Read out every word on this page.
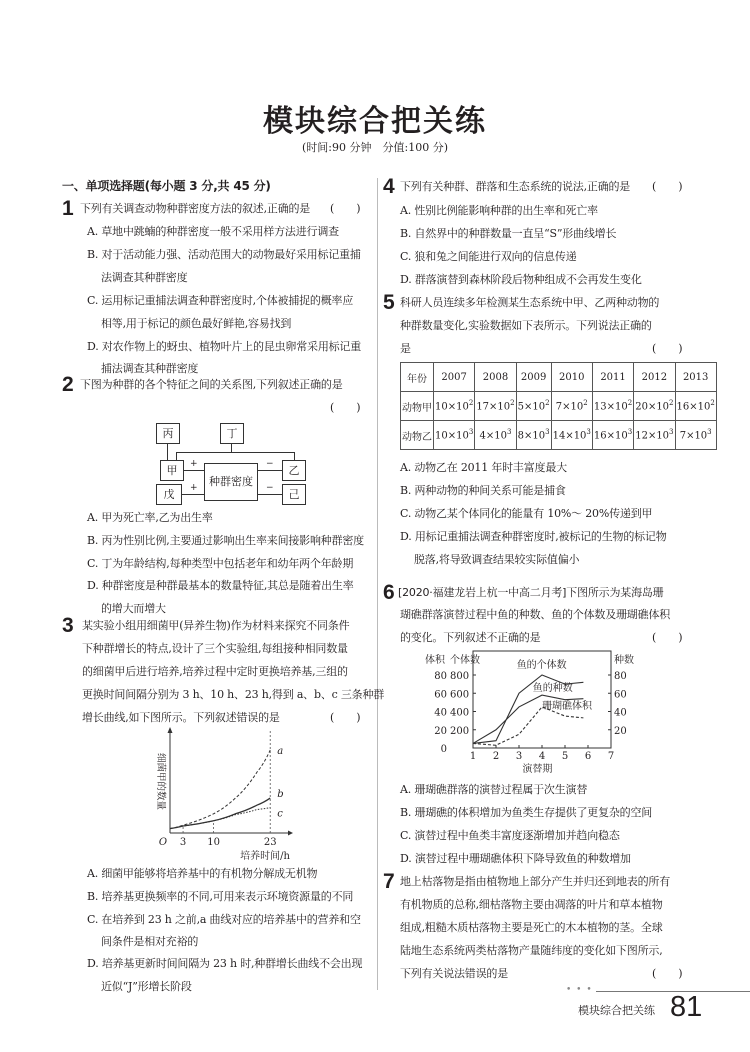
模块综合把关练
(时间:90 分钟　分值:100 分)
一、单项选择题(每小题 3 分,共 45 分)
1 下列有关调查动物种群密度方法的叙述,正确的是 (　　)
A. 草地中跳蝻的种群密度一般不采用样方法进行调查
B. 对于活动能力强、活动范围大的动物最好采用标记重捕
法调查其种群密度
C. 运用标记重捕法调查种群密度时,个体被捕捉的概率应
相等,用于标记的颜色最好鲜艳,容易找到
D. 对农作物上的蚜虫、植物叶片上的昆虫卵常采用标记重
捕法调查其种群密度
2 下图为种群的各个特征之间的关系图,下列叙述正确的是
(　　)
丙	丁
甲
戊
种群密度
乙
己
+
+
−
−
A. 甲为死亡率,乙为出生率
B. 丙为性别比例,主要通过影响出生率来间接影响种群密度
C. 丁为年龄结构,每种类型中包括老年和幼年两个年龄期
D. 种群密度是种群最基本的数量特征,其总是随着出生率
的增大而增大
3 某实验小组用细菌甲(异养生物)作为材料来探究不同条件
下种群增长的特点,设计了三个实验组,每组接种相同数量
的细菌甲后进行培养,培养过程中定时更换培养基,三组的
更换时间间隔分别为 3 h、10 h、23 h,得到 a、b、c 三条种群
增长曲线,如下图所示。下列叙述错误的是	(　　)
3 10	23
O
培养时间/h
细菌甲的数量
a
b
c
A. 细菌甲能够将培养基中的有机物分解成无机物
B. 培养基更换频率的不同,可用来表示环境资源量的不同
C. 在培养到 23 h 之前,a 曲线对应的培养基中的营养和空
间条件是相对充裕的
D. 培养基更新时间间隔为 23 h 时,种群增长曲线不会出现
近似“J”形增长阶段
4 下列有关种群、群落和生态系统的说法,正确的是 (　　)
A. 性别比例能影响种群的出生率和死亡率
B. 自然界中的种群数量一直呈“S”形曲线增长
C. 狼和兔之间能进行双向的信息传递
D. 群落演替到森林阶段后物种组成不会再发生变化
5 科研人员连续多年检测某生态系统中甲、乙两种动物的
种群数量变化,实验数据如下表所示。下列说法正确的
是	(　　)
年份	2007	2008	2009	2010	2011	2012	2013
动物甲	$10\times 10^2$	$17\times 10^2$	$5\times 10^2$	$7\times 10^2$	$13\times 10^2$	$20\times 10^2$	$16\times 10^2$
动物乙	$10\times 10^3$	$4\times 10^3$	$8\times 10^3$	$14\times 10^3$	$16\times 10^3$	$12\times 10^3$	$7\times 10^3$
A. 动物乙在 2011 年时丰富度最大
B. 两种动物的种间关系可能是捕食
C. 动物乙某个体同化的能量有 10%～ 20%传递到甲
D. 用标记重捕法调查种群密度时,被标记的生物的标记物
脱落,将导致调查结果较实际值偏小
6 [2020·福建龙岩上杭一中高二月考]下图所示为某海岛珊
瑚礁群落演替过程中鱼的种数、鱼的个体数及珊瑚礁体积
的变化。下列叙述不正确的是	(　　)
1 2 3 4 5 6 7
0
20
40
60
80
200
400
600
800
20
40
60
80
体积 个体数	种数
演替期
鱼的个体数
鱼的种数
珊瑚礁体积
A. 珊瑚礁群落的演替过程属于次生演替
B. 珊瑚礁的体积增加为鱼类生存提供了更复杂的空间
C. 演替过程中鱼类丰富度逐渐增加并趋向稳态
D. 演替过程中珊瑚礁体积下降导致鱼的种数增加
7 地上枯落物是指由植物地上部分产生并归还到地表的所有
有机物质的总称,细枯落物主要由凋落的叶片和草本植物
组成,粗糙木质枯落物主要是死亡的木本植物的茎。全球
陆地生态系统两类枯落物产量随纬度的变化如下图所示,
下列有关说法错误的是	(　　)
• • •
模块综合把关练 81
